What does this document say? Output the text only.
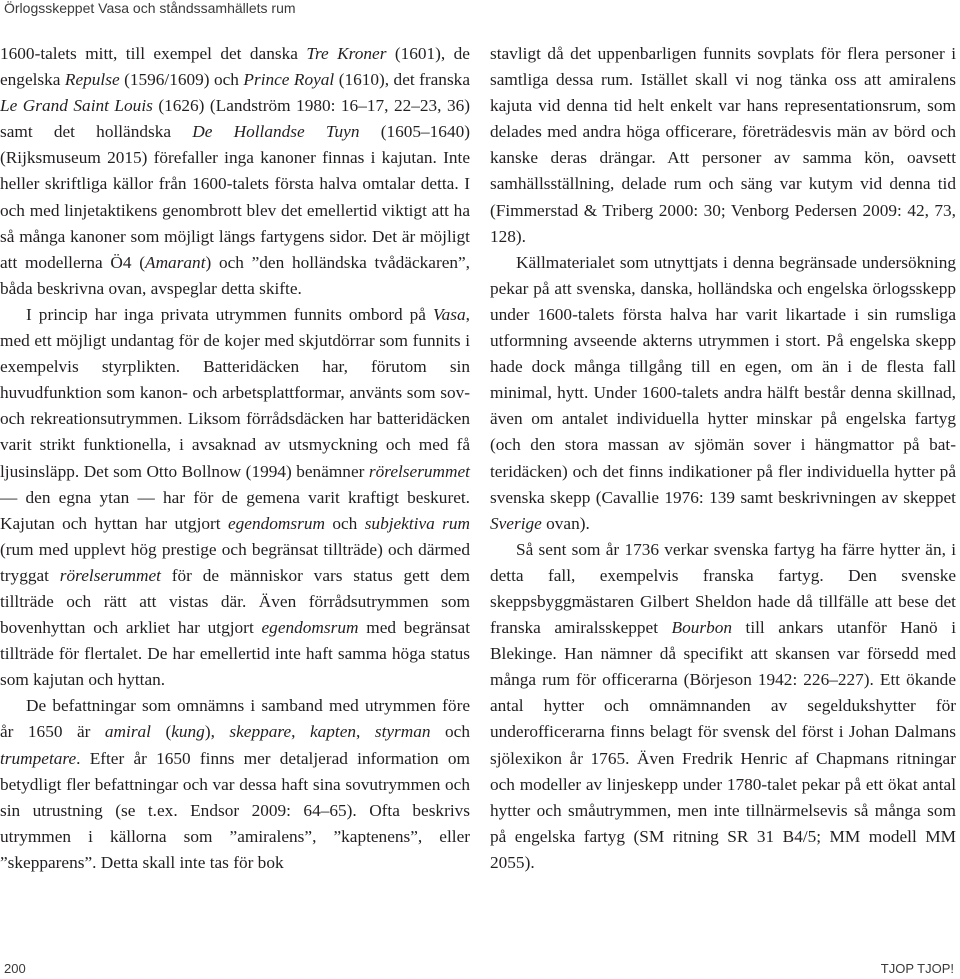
Örlogsskeppet Vasa och ståndssamhällets rum

1600-talets mitt, till exempel det danska Tre Kroner (1601), de engelska Repulse (1596/1609) och Prince Royal (1610), det franska Le Grand Saint Louis (1626) (Landström 1980: 16–17, 22–23, 36) samt det holländska De Hollandse Tuyn (1605–1640) (Rijksmuseum 2015) förefaller inga kanoner finnas i kajutan. Inte heller skriftliga källor från 1600-talets första halva omtalar detta. I och med linjetaktikens genombrott blev det emellertid viktigt att ha så många kanoner som möjligt längs fartygens sidor. Det är möjligt att modellerna Ö4 (Amarant) och ”den holländska tvådäckaren”, båda beskrivna ovan, avspeglar detta skifte.

I princip har inga privata utrymmen funnits ombord på Vasa, med ett möjligt undantag för de kojer med skjutdörrar som funnits i exempelvis styrplikten. Batteridäcken har, förutom sin huvudfunktion som kanon- och arbetsplattformar, använts som sov- och rekreationsutrymmen. Liksom förrådsdäcken har batteridäcken varit strikt funktionella, i avsaknad av utsmyckning och med få ljusinsläpp. Det som Otto Bollnow (1994) benämner rörelserummet — den egna ytan — har för de gemena varit kraftigt beskuret. Kajutan och hyttan har utgjort egendomsrum och subjektiva rum (rum med upplevt hög prestige och begränsat tillträde) och därmed tryggat rörelserummet för de människor vars status gett dem tillträde och rätt att vistas där. Även förrådsutrymmen som bovenhyttan och arkliet har utgjort egendomsrum med begränsat tillträde för flertalet. De har emellertid inte haft samma höga status som kajutan och hyttan.

De befattningar som omnämns i samband med utrymmen före år 1650 är amiral (kung), skeppare, kapten, styrman och trumpetare. Efter år 1650 finns mer detaljerad information om betydligt fler befattningar och var dessa haft sina sovutrymmen och sin utrustning (se t.ex. Endsor 2009: 64–65). Ofta beskrivs utrymmen i källorna som ”amiralens”, ”kaptenens”, eller ”skepparens”. Detta skall inte tas för bok

stavligt då det uppenbarligen funnits sovplats för flera personer i samtliga dessa rum. Istället skall vi nog tänka oss att amiralens kajuta vid denna tid helt enkelt var hans representationsrum, som delades med andra höga officerare, företrädesvis män av börd och kanske deras drängar. Att personer av samma kön, oavsett samhällsställning, delade rum och säng var kutym vid denna tid (Fimmerstad & Triberg 2000: 30; Venborg Pedersen 2009: 42, 73, 128).

Källmaterialet som utnyttjats i denna begränsade undersökning pekar på att svenska, danska, holländska och engelska örlogsskepp under 1600-talets första halva har varit likartade i sin rumsliga utformning avseende akterns utrymmen i stort. På engelska skepp hade dock många tillgång till en egen, om än i de flesta fall minimal, hytt. Under 1600-talets andra hälft består denna skillnad, även om antalet individuella hytter minskar på engelska fartyg (och den stora massan av sjömän sover i hängmattor på batteridäcken) och det finns indikationer på fler individuella hytter på svenska skepp (Cavallie 1976: 139 samt beskrivningen av skeppet Sverige ovan).

Så sent som år 1736 verkar svenska fartyg ha färre hytter än, i detta fall, exempelvis franska fartyg. Den svenske skeppsbyggmästaren Gilbert Sheldon hade då tillfälle att bese det franska amiralsskeppet Bourbon till ankars utanför Hanö i Blekinge. Han nämner då specifikt att skansen var försedd med många rum för officerarna (Börjeson 1942: 226–227). Ett ökande antal hytter och omnämnanden av segeldukshytter för underofficerarna finns belagt för svensk del först i Johan Dalmans sjölexikon år 1765. Även Fredrik Henric af Chapmans ritningar och modeller av linjeskepp under 1780-talet pekar på ett ökat antal hytter och småutrymmen, men inte tillnärmelsevis så många som på engelska fartyg (SM ritning SR 31 B4/5; MM modell MM 2055).

200	TJOP TJOP!
